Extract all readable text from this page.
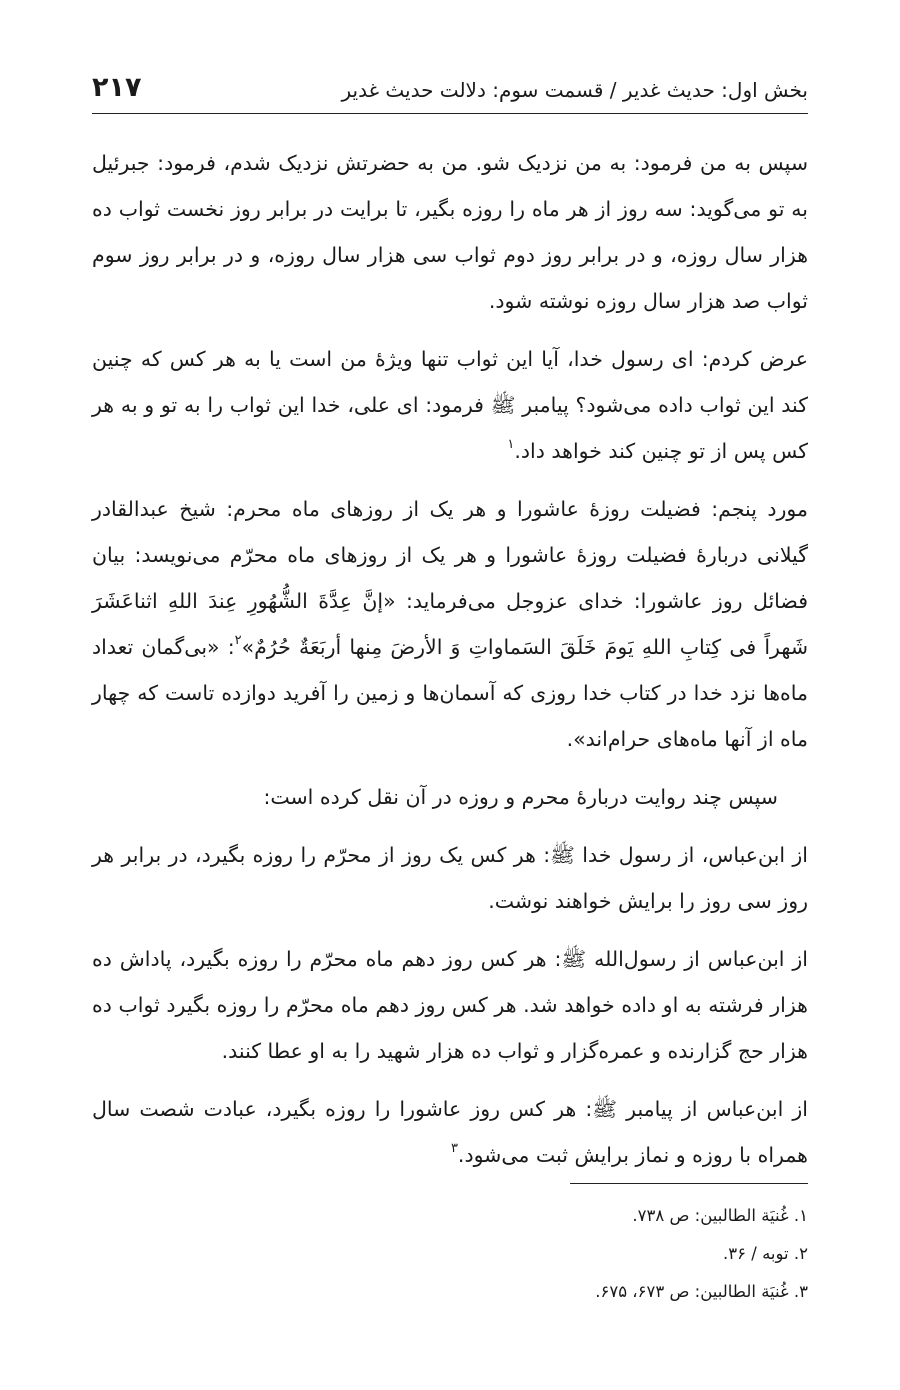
بخش اول: حدیث غدیر / قسمت سوم: دلالت حدیث غدیر
۲۱۷

سپس به من فرمود: به من نزدیک شو. من به حضرتش نزدیک شدم، فرمود: جبرئیل به تو می‌گوید: سه روز از هر ماه را روزه بگیر، تا برایت در برابر روز نخست ثواب ده هزار سال روزه، و در برابر روز دوم ثواب سی هزار سال روزه، و در برابر روز سوم ثواب صد هزار سال روزه نوشته شود.

عرض کردم: ای رسول خدا، آیا این ثواب تنها ویژهٔ من است یا به هر کس که چنین کند این ثواب داده می‌شود؟ پیامبر ﷺ فرمود: ای علی، خدا این ثواب را به تو و به هر کس پس از تو چنین کند خواهد داد.$^۱$

مورد پنجم: فضیلت روزهٔ عاشورا و هر یک از روزهای ماه محرم: شیخ عبدالقادر گیلانی دربارهٔ فضیلت روزهٔ عاشورا و هر یک از روزهای ماه محرّم می‌نویسد: بیان فضائل روز عاشورا: خدای عزوجل می‌فرماید: «إنَّ عِدَّةَ الشُّهُورِ عِندَ اللهِ اثناعَشَرَ شَهراً فی کِتابِ اللهِ یَومَ خَلَقَ السَماواتِ وَ الأرضَ مِنها أربَعَةٌ حُرُمٌ»$^۲$: «بی‌گمان تعداد ماه‌ها نزد خدا در کتاب خدا روزی که آسمان‌ها و زمین را آفرید دوازده تاست که چهار ماه از آنها ماه‌های حرام‌اند».

سپس چند روایت دربارهٔ محرم و روزه در آن نقل کرده است:

از ابن‌عباس، از رسول خدا ﷺ: هر کس یک روز از محرّم را روزه بگیرد، در برابر هر روز سی روز را برایش خواهند نوشت.

از ابن‌عباس از رسول‌الله ﷺ: هر کس روز دهم ماه محرّم را روزه بگیرد، پاداش ده هزار فرشته به او داده خواهد شد. هر کس روز دهم ماه محرّم را روزه بگیرد ثواب ده هزار حج گزارنده و عمره‌گزار و ثواب ده هزار شهید را به او عطا کنند.

از ابن‌عباس از پیامبر ﷺ: هر کس روز عاشورا را روزه بگیرد، عبادت شصت سال همراه با روزه و نماز برایش ثبت می‌شود.$^۳$

۱. غُنیَة الطالبین: ص ۷۳۸.
۲. توبه / ۳۶.
۳. غُنیَة الطالبین: ص ۶۷۳، ۶۷۵.
